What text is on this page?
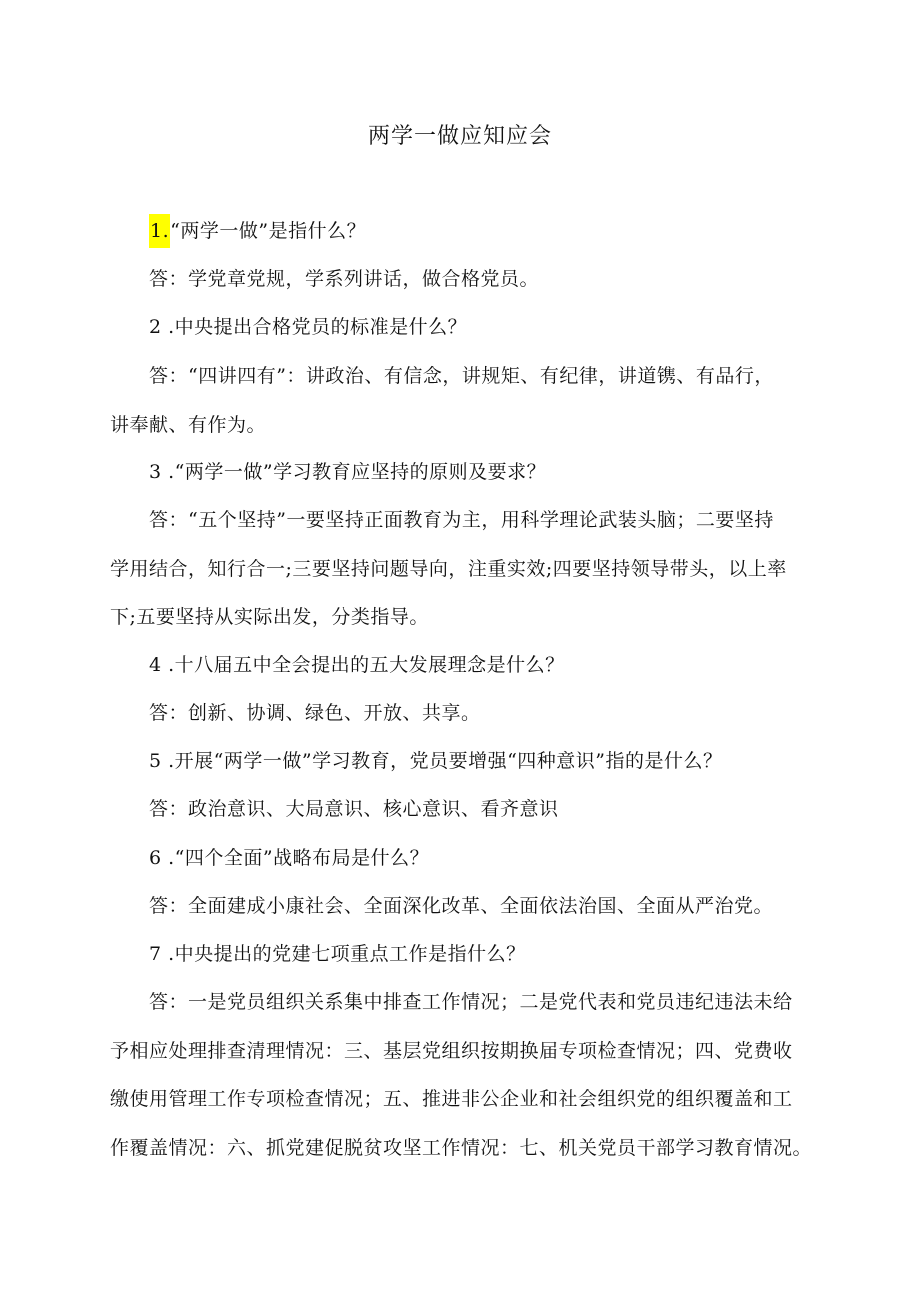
两学一做应知应会
1.“两学一做”是指什么？
答：学党章党规，学系列讲话，做合格党员。
2 .中央提出合格党员的标准是什么？
答：“四讲四有”：讲政治、有信念，讲规矩、有纪律，讲道镌、有品行，
讲奉献、有作为。
3 .“两学一做”学习教育应坚持的原则及要求？
答：“五个坚持”一要坚持正面教育为主，用科学理论武装头脑；二要坚持
学用结合，知行合一;三要坚持问题导向，注重实效;四要坚持领导带头，以上率
下;五要坚持从实际出发，分类指导。
4 .十八届五中全会提出的五大发展理念是什么？
答：创新、协调、绿色、开放、共享。
5 .开展“两学一做”学习教育，党员要增强“四种意识”指的是什么？
答：政治意识、大局意识、核心意识、看齐意识
6 .“四个全面”战略布局是什么？
答：全面建成小康社会、全面深化改革、全面依法治国、全面从严治党。
7 .中央提出的党建七项重点工作是指什么？
答：一是党员组织关系集中排查工作情况；二是党代表和党员违纪违法未给
予相应处理排查清理情况：三、基层党组织按期换届专项检查情况；四、党费收
缴使用管理工作专项检查情况；五、推进非公企业和社会组织党的组织覆盖和工
作覆盖情况：六、抓党建促脱贫攻坚工作情况：七、机关党员干部学习教育情况。
